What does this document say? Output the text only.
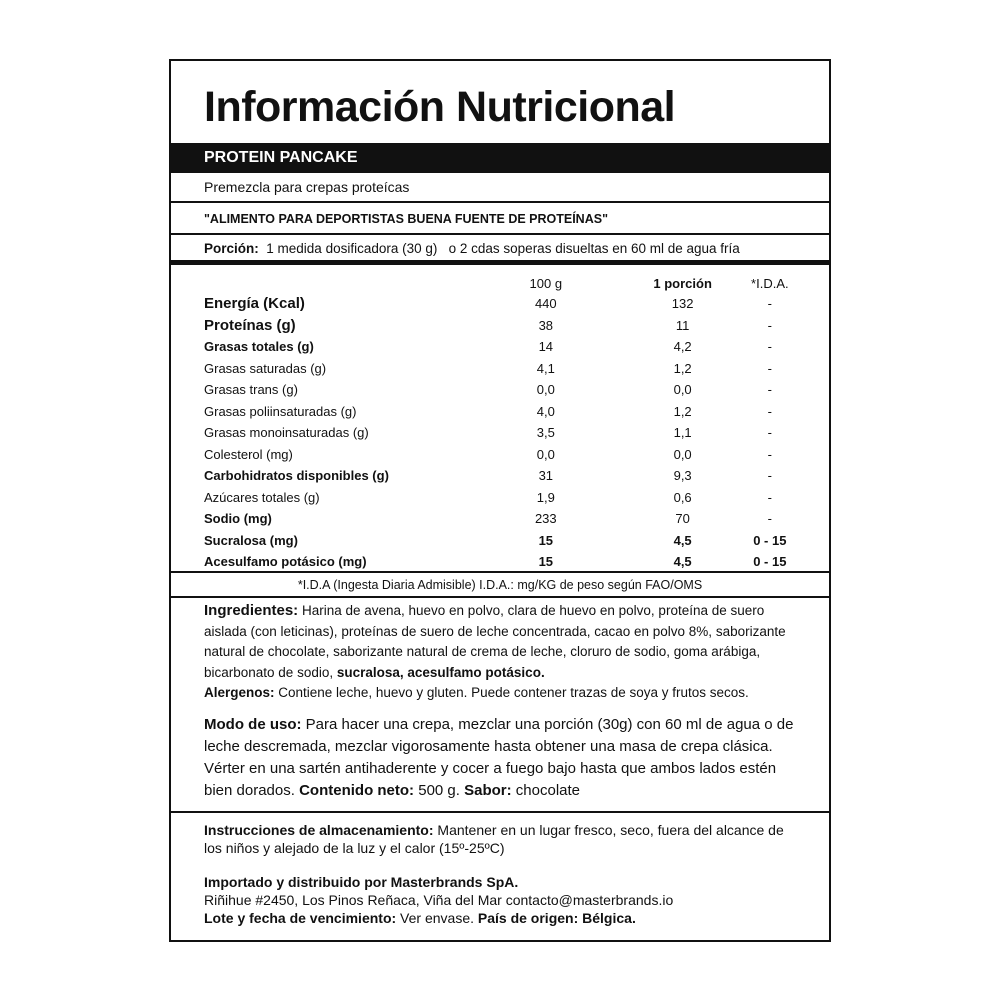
Información Nutricional
PROTEIN PANCAKE
Premezcla para crepas proteícas
"ALIMENTO PARA DEPORTISTAS BUENA FUENTE DE PROTEÍNAS"
Porción: 1 medida dosificadora (30 g)   o 2 cdas soperas disueltas en 60 ml de agua fría
100 g	1 porción	*I.D.A.
Energía (Kcal)	440	132	-
Proteínas (g)	38	11	-
Grasas totales (g)	14	4,2	-
Grasas saturadas (g)	4,1	1,2	-
Grasas trans (g)	0,0	0,0	-
Grasas poliinsaturadas (g)	4,0	1,2	-
Grasas monoinsaturadas (g)	3,5	1,1	-
Colesterol (mg)	0,0	0,0	-
Carbohidratos disponibles (g)	31	9,3	-
Azúcares totales (g)	1,9	0,6	-
Sodio (mg)	233	70	-
Sucralosa (mg)	15	4,5	0 - 15
Acesulfamo potásico (mg)	15	4,5	0 - 15
*I.D.A (Ingesta Diaria Admisible) I.D.A.: mg/KG de peso según FAO/OMS

Ingredientes: Harina de avena, huevo en polvo, clara de huevo en polvo, proteína de suero aislada (con leticinas), proteínas de suero de leche concentrada, cacao en polvo 8%, saborizante natural de chocolate, saborizante natural de crema de leche, cloruro de sodio, goma arábiga, bicarbonato de sodio, sucralosa, acesulfamo potásico.

Alergenos: Contiene leche, huevo y gluten. Puede contener trazas de soya y frutos secos.

Modo de uso: Para hacer una crepa, mezclar una porción (30g) con 60 ml de agua o de leche descremada, mezclar vigorosamente hasta obtener una masa de crepa clásica. Vérter en una sartén antihaderente y cocer a fuego bajo hasta que ambos lados estén bien dorados. Contenido neto: 500 g. Sabor: chocolate

Instrucciones de almacenamiento: Mantener en un lugar fresco, seco, fuera del alcance de los niños y alejado de la luz y el calor (15º-25ºC)

Importado y distribuido por Masterbrands SpA.

Riñihue #2450, Los Pinos Reñaca, Viña del Mar contacto@masterbrands.io

Lote y fecha de vencimiento: Ver envase. País de origen: Bélgica.
